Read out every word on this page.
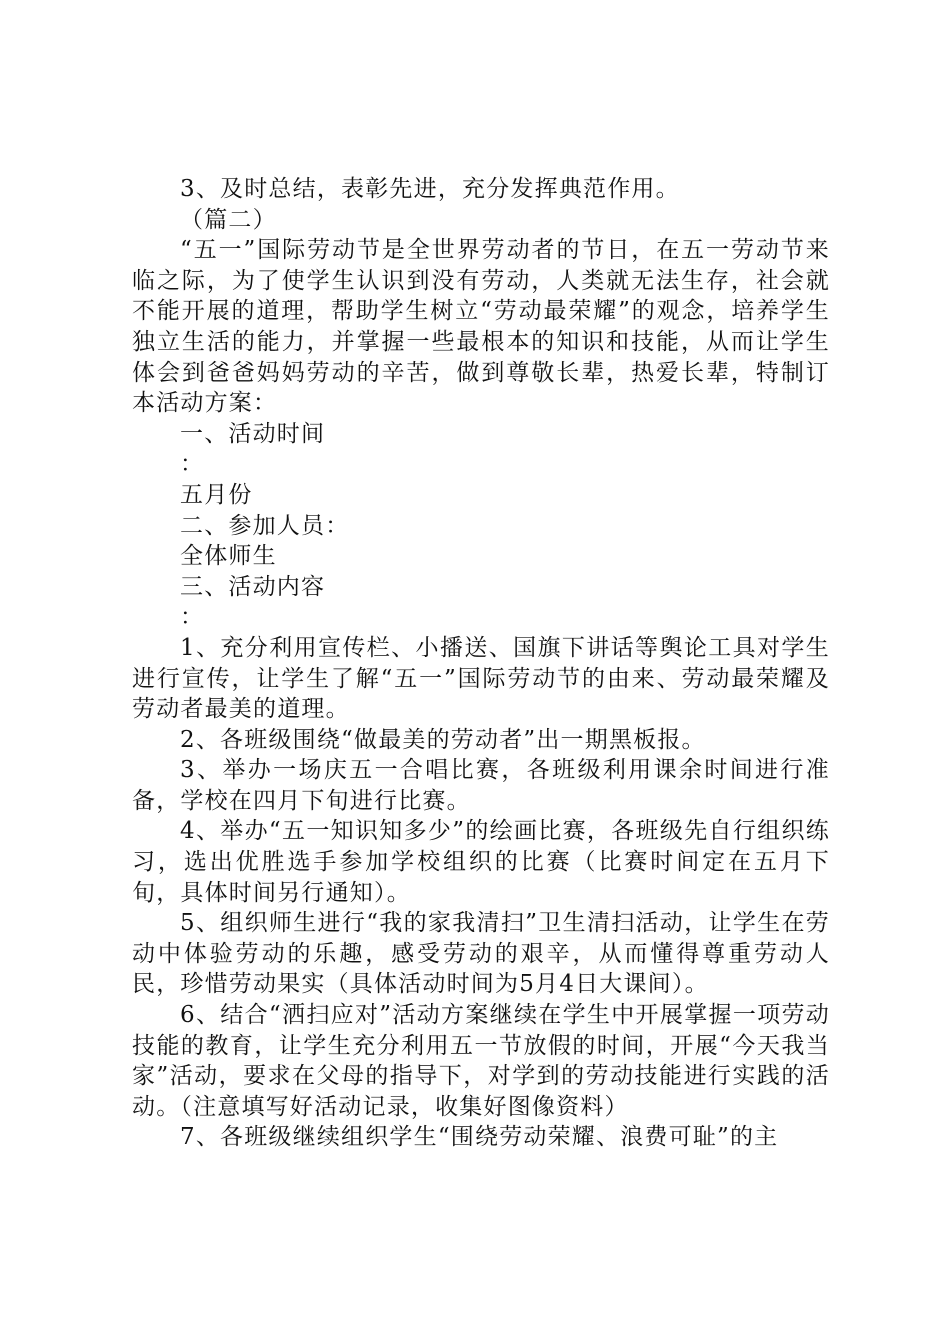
3、及时总结，表彰先进，充分发挥典范作用。

（篇二）

“五一”国际劳动节是全世界劳动者的节日，在五一劳动节来临之际，为了使学生认识到没有劳动，人类就无法生存，社会就不能开展的道理，帮助学生树立“劳动最荣耀”的观念，培养学生独立生活的能力，并掌握一些最根本的知识和技能，从而让学生体会到爸爸妈妈劳动的辛苦，做到尊敬长辈，热爱长辈，特制订本活动方案：

一、活动时间

：

五月份

二、参加人员：

全体师生

三、活动内容

：

1、充分利用宣传栏、小播送、国旗下讲话等舆论工具对学生进行宣传，让学生了解“五一”国际劳动节的由来、劳动最荣耀及劳动者最美的道理。

2、各班级围绕“做最美的劳动者”出一期黑板报。

3、举办一场庆五一合唱比赛，各班级利用课余时间进行准备，学校在四月下旬进行比赛。

4、举办“五一知识知多少”的绘画比赛，各班级先自行组织练习，选出优胜选手参加学校组织的比赛（比赛时间定在五月下旬，具体时间另行通知）。

5、组织师生进行“我的家我清扫”卫生清扫活动，让学生在劳动中体验劳动的乐趣，感受劳动的艰辛，从而懂得尊重劳动人民，珍惜劳动果实（具体活动时间为5月4日大课间）。

6、结合“洒扫应对”活动方案继续在学生中开展掌握一项劳动技能的教育，让学生充分利用五一节放假的时间，开展“今天我当家”活动，要求在父母的指导下，对学到的劳动技能进行实践的活动。（注意填写好活动记录，收集好图像资料）

7、各班级继续组织学生“围绕劳动荣耀、浪费可耻”的主
